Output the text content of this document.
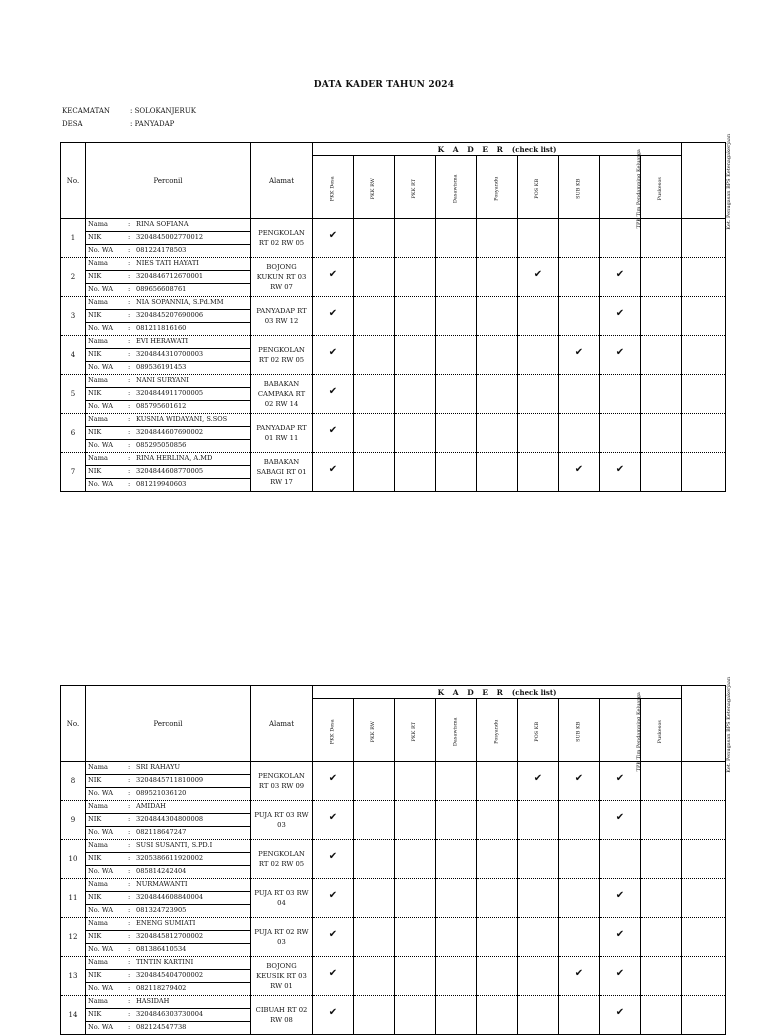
DATA KADER TAHUN 2024
KECAMATAN	: SOLOKANJERUK
DESA	: PANYADAP
No.	Perconil	Alamat	K A D E R (check list)									Ket. Penugasan BPS Ketenagakerjaan
			PKK Desa	PKK RW	PKK RT	Dasawisma	Posyandu	POS KB	SUB KB	TPK Tim Pendamping Keluarga	Puskesos	
1	Nama : RINA SOFIANA
NIK : 3204845002770012
No. WA : 081224178503	PENGKOLAN RT 02 RW 05	✔									
2	Nama : NIES TATI HAYATI
NIK : 3204846712670001
No. WA : 089656608761	BOJONG KUKUN RT 03 RW 07	✔					✔		✔		
3	Nama : NIA SOPANNIA, S.Pd.MM
NIK : 3204845207690006
No. WA : 081211816160	PANYADAP RT 03 RW 12	✔							✔		
4	Nama : EVI HERAWATI
NIK : 3204844310700003
No. WA : 089536191453	PENGKOLAN RT 02 RW 05	✔						✔	✔		
5	Nama : NANI SURYANI
NIK : 3204844911700005
No. WA : 085795601612	BABAKAN CAMPAKA RT 02 RW 14	✔									
6	Nama : KUSNIA WIDAYANI, S.SOS
NIK : 3204844607690002
No. WA : 085295050856	PANYADAP RT 01 RW 11	✔									
7	Nama : RINA HERLINA, A.MD
NIK : 3204844608770005
No. WA : 081219940603	BABAKAN SABAGI RT 01 RW 17	✔						✔	✔		
No.	Perconil	Alamat	K A D E R (check list)									Ket. Penugasan BPS Ketenagakerjaan
			PKK Desa	PKK RW	PKK RT	Dasawisma	Posyandu	POS KB	SUB KB	TPK Tim Pendamping Keluarga	Puskesos	
8	Nama : SRI RAHAYU
NIK : 3204845711810009
No. WA : 089521036120	PENGKOLAN RT 03 RW 09	✔					✔	✔	✔		
9	Nama : AMIDAH
NIK : 3204844304800008
No. WA : 082118647247	PUJA RT 03 RW 03	✔							✔		
10	Nama : SUSI SUSANTI, S.PD.I
NIK : 3205386611920002
No. WA : 085814242404	PENGKOLAN RT 02 RW 05	✔									
11	Nama : NURMAWANTI
NIK : 3204844608840004
No. WA : 081324723905	PUJA RT 03 RW 04	✔							✔		
12	Nama : ENENG SUMIATI
NIK : 3204845812700002
No. WA : 081386410534	PUJA RT 02 RW 03	✔							✔		
13	Nama : TINTIN KARTINI
NIK : 3204845404700002
No. WA : 082118279402	BOJONG KEUSIK RT 03 RW 01	✔						✔	✔		
14	Nama : HASIDAH
NIK : 3204846303730004
No. WA : 082124547738	CIBUAH RT 02 RW 08	✔							✔		
